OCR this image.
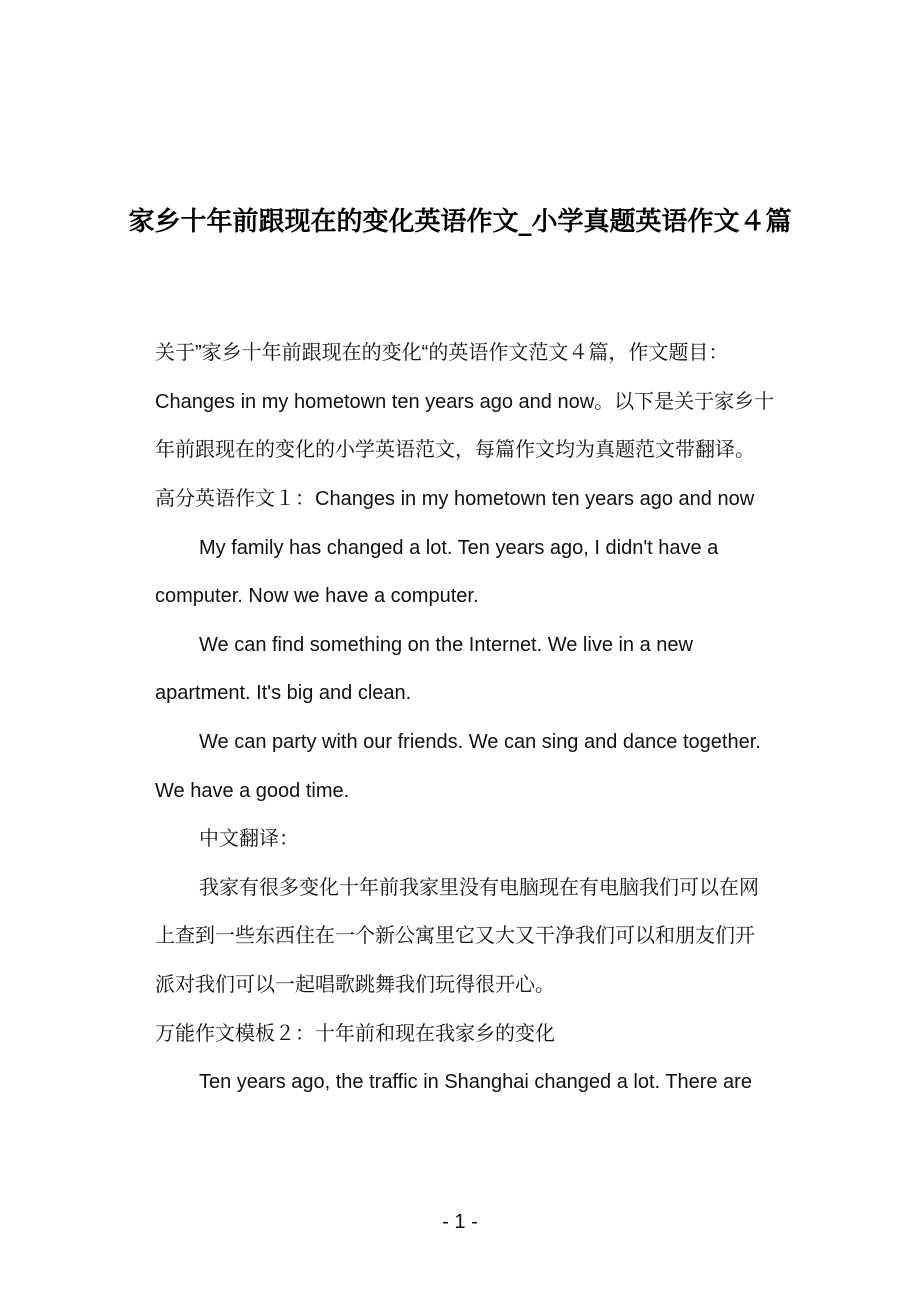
家乡十年前跟现在的变化英语作文_小学真题英语作文４篇
关于”家乡十年前跟现在的变化“的英语作文范文４篇，作文题目：
Changes in my hometown ten years ago and now。以下是关于家乡十
年前跟现在的变化的小学英语范文，每篇作文均为真题范文带翻译。
高分英语作文１：Changes in my hometown ten years ago and now
My family has changed a lot. Ten years ago, I didn't have a
computer. Now we have a computer.
We can find something on the Internet. We live in a new
apartment. It's big and clean.
We can party with our friends. We can sing and dance together.
We have a good time.
中文翻译：
我家有很多变化十年前我家里没有电脑现在有电脑我们可以在网
上查到一些东西住在一个新公寓里它又大又干净我们可以和朋友们开
派对我们可以一起唱歌跳舞我们玩得很开心。
万能作文模板２：十年前和现在我家乡的变化
Ten years ago, the traffic in Shanghai changed a lot. There are
- 1 -
